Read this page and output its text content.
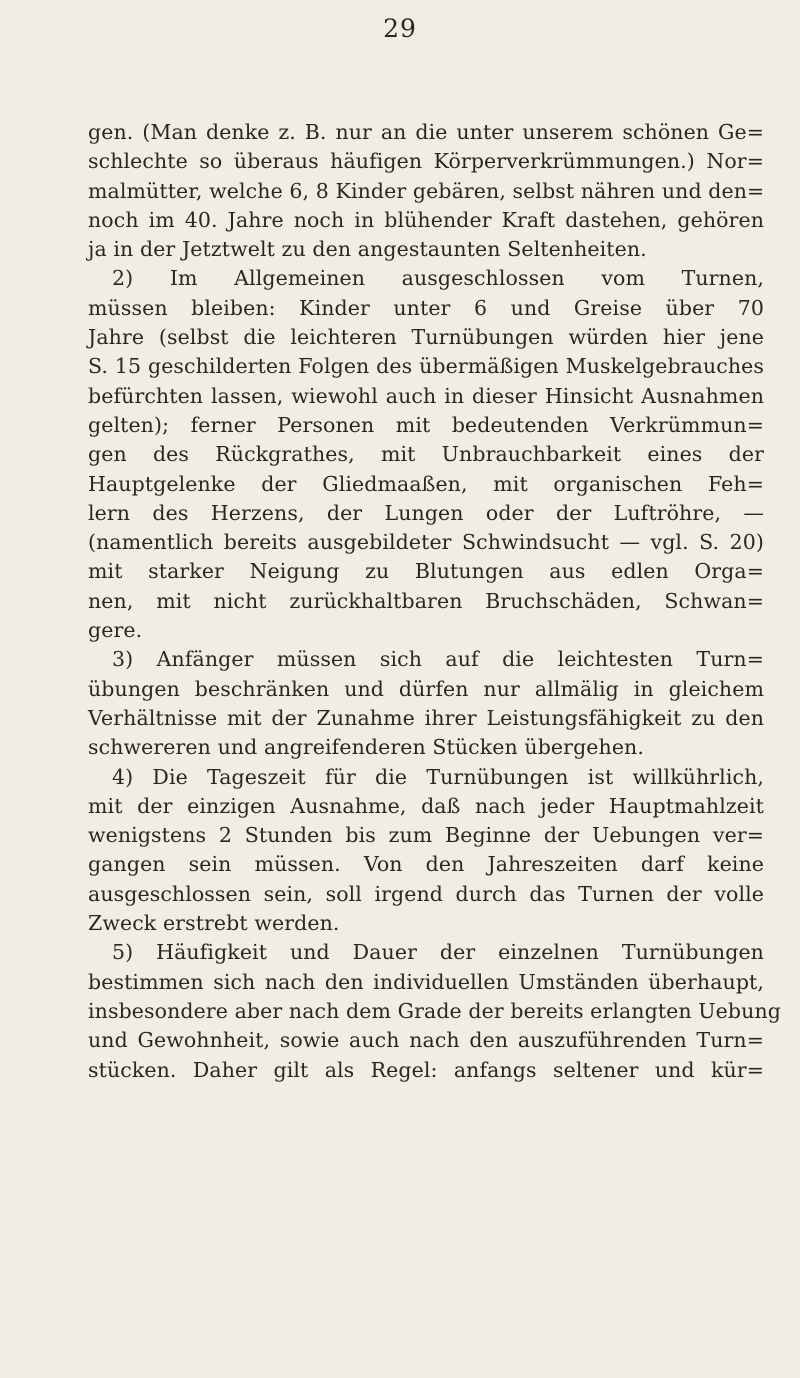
29
gen. (Man denke z. B. nur an die unter unserem schönen Ge=
schlechte so überaus häufigen Körperverkrümmungen.) Nor=
malmütter, welche 6, 8 Kinder gebären, selbst nähren und den=
noch im 40. Jahre noch in blühender Kraft dastehen, gehören
ja in der Jetztwelt zu den angestaunten Seltenheiten.
2) Im Allgemeinen ausgeschlossen vom Turnen,
müssen bleiben: Kinder unter 6 und Greise über 70
Jahre (selbst die leichteren Turnübungen würden hier jene
S. 15 geschilderten Folgen des übermäßigen Muskelgebrauches
befürchten lassen, wiewohl auch in dieser Hinsicht Ausnahmen
gelten); ferner Personen mit bedeutenden Verkrümmun=
gen des Rückgrathes, mit Unbrauchbarkeit eines der
Hauptgelenke der Gliedmaaßen, mit organischen Feh=
lern des Herzens, der Lungen oder der Luftröhre, —
(namentlich bereits ausgebildeter Schwindsucht — vgl. S. 20)
mit starker Neigung zu Blutungen aus edlen Orga=
nen, mit nicht zurückhaltbaren Bruchschäden, Schwan=
gere.
3) Anfänger müssen sich auf die leichtesten Turn=
übungen beschränken und dürfen nur allmälig in gleichem
Verhältnisse mit der Zunahme ihrer Leistungsfähigkeit zu den
schwereren und angreifenderen Stücken übergehen.
4) Die Tageszeit für die Turnübungen ist willkührlich,
mit der einzigen Ausnahme, daß nach jeder Hauptmahlzeit
wenigstens 2 Stunden bis zum Beginne der Uebungen ver=
gangen sein müssen. Von den Jahreszeiten darf keine
ausgeschlossen sein, soll irgend durch das Turnen der volle
Zweck erstrebt werden.
5) Häufigkeit und Dauer der einzelnen Turnübungen
bestimmen sich nach den individuellen Umständen überhaupt,
insbesondere aber nach dem Grade der bereits erlangten Uebung
und Gewohnheit, sowie auch nach den auszuführenden Turn=
stücken. Daher gilt als Regel: anfangs seltener und kür=
